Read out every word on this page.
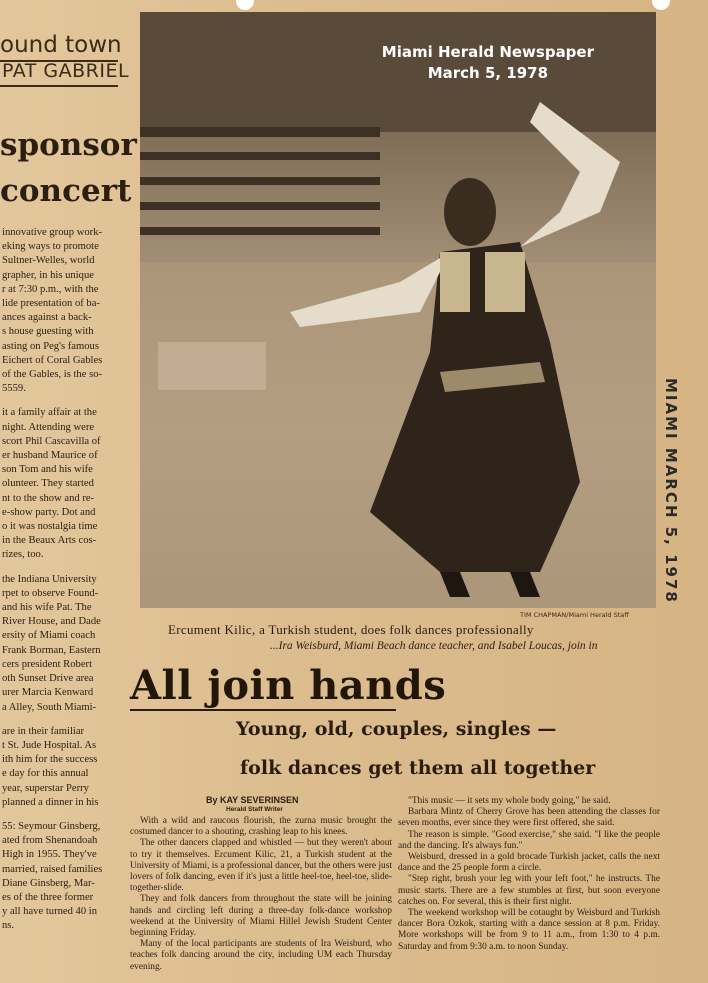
ound town
PAT GABRIEL
sponsor
concert

innovative group work-
eking ways to promote
Sultner-Welles, world
grapher, in his unique
r at 7:30 p.m., with the
lide presentation of ba-
ances against a back-
s house guesting with
asting on Peg's famous
Eichert of Coral Gables
of the Gables, is the so-
5559.

it a family affair at the
night. Attending were
scort Phil Cascavilla of
er husband Maurice of
son Tom and his wife
olunteer. They started
nt to the show and re-
e-show party. Dot and
o it was nostalgia time
in the Beaux Arts cos-
rizes, too.

the Indiana University
rpet to observe Found-
and his wife Pat. The
River House, and Dade
ersity of Miami coach
Frank Borman, Eastern
cers president Robert
oth Sunset Drive area
urer Marcia Kenward
a Alley, South Miami-

are in their familiar
t St. Jude Hospital. As
ith him for the success
e day for this annual
year, superstar Perry
planned a dinner in his

55: Seymour Ginsberg,
ated from Shenandoah
High in 1955. They've
married, raised families
Diane Ginsberg, Mar-
es of the three former
y all have turned 40 in
ns.

Miami Herald Newspaper
March 5, 1978
TIM CHAPMAN/Miami Herald Staff
Ercument Kilic, a Turkish student, does folk dances professionally
...Ira Weisburd, Miami Beach dance teacher, and Isabel Loucas, join in
All join hands
Young, old, couples, singles —
folk dances get them all together
By KAY SEVERINSEN
Herald Staff Writer

With a wild and raucous flourish, the zurna music brought the costumed dancer to a shouting, crashing leap to his knees.

The other dancers clapped and whistled — but they weren't about to try it themselves. Ercument Kilic, 21, a Turkish student at the University of Miami, is a professional dancer, but the others were just lovers of folk dancing, even if it's just a little heel-toe, heel-toe, slide-together-slide.

They and folk dancers from throughout the state will be joining hands and circling left during a three-day folk-dance workshop weekend at the University of Miami Hillel Jewish Student Center beginning Friday.

Many of the local participants are students of Ira Weisburd, who teaches folk dancing around the city, including UM each Thursday evening.

"This music — it sets my whole body going," he said.

Barbara Mintz of Cherry Grove has been attending the classes for seven months, ever since they were first offered, she said.

The reason is simple. "Good exercise," she said. "I like the people and the dancing. It's always fun."

Weisburd, dressed in a gold brocade Turkish jacket, calls the next dance and the 25 people form a circle.

"Step right, brush your leg with your left foot," he instructs. The music starts. There are a few stumbles at first, but soon everyone catches on. For several, this is their first night.

The weekend workshop will be cotaught by Weisburd and Turkish dancer Bora Ozkok, starting with a dance session at 8 p.m. Friday. More workshops will be from 9 to 11 a.m., from 1:30 to 4 p.m. Saturday and from 9:30 a.m. to noon Sunday.

MIAMI MARCH 5, 1978
